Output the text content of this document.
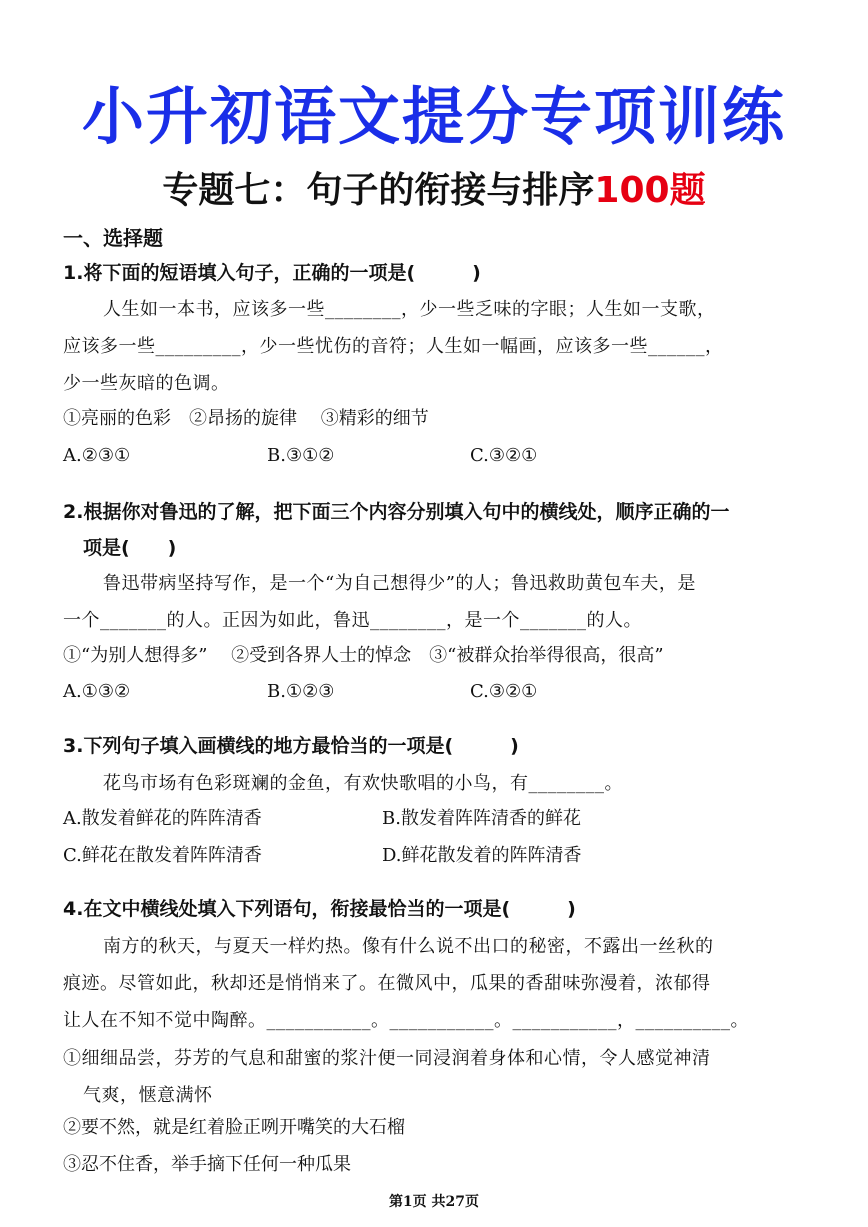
小升初语文提分专项训练
专题七：句子的衔接与排序100题
一、选择题
1.将下面的短语填入句子，正确的一项是(　　　)
人生如一本书，应该多一些________，少一些乏味的字眼；人生如一支歌，
应该多一些_________，少一些忧伤的音符；人生如一幅画，应该多一些______，
少一些灰暗的色调。
①亮丽的色彩　②昂扬的旋律　 ③精彩的细节
A.②③①	B.③①②	C.③②①
2.根据你对鲁迅的了解，把下面三个内容分别填入句中的横线处，顺序正确的一
项是(　　)
鲁迅带病坚持写作，是一个“为自己想得少”的人；鲁迅救助黄包车夫，是
一个_______的人。正因为如此，鲁迅________，是一个_______的人。
①“为别人想得多”　 ②受到各界人士的悼念　③“被群众抬举得很高，很高”
A.①③②	B.①②③	C.③②①
3.下列句子填入画横线的地方最恰当的一项是(　　　)
花鸟市场有色彩斑斓的金鱼，有欢快歌唱的小鸟，有________。
A.散发着鲜花的阵阵清香	B.散发着阵阵清香的鲜花
C.鲜花在散发着阵阵清香	D.鲜花散发着的阵阵清香
4.在文中横线处填入下列语句，衔接最恰当的一项是(　　　)
南方的秋天，与夏天一样灼热。像有什么说不出口的秘密，不露出一丝秋的
痕迹。尽管如此，秋却还是悄悄来了。在微风中，瓜果的香甜味弥漫着，浓郁得
让人在不知不觉中陶醉。___________。___________。___________，__________。
①细细品尝，芬芳的气息和甜蜜的浆汁便一同浸润着身体和心情，令人感觉神清
气爽，惬意满怀
②要不然，就是红着脸正咧开嘴笑的大石榴
③忍不住香，举手摘下任何一种瓜果
第1页 共27页
